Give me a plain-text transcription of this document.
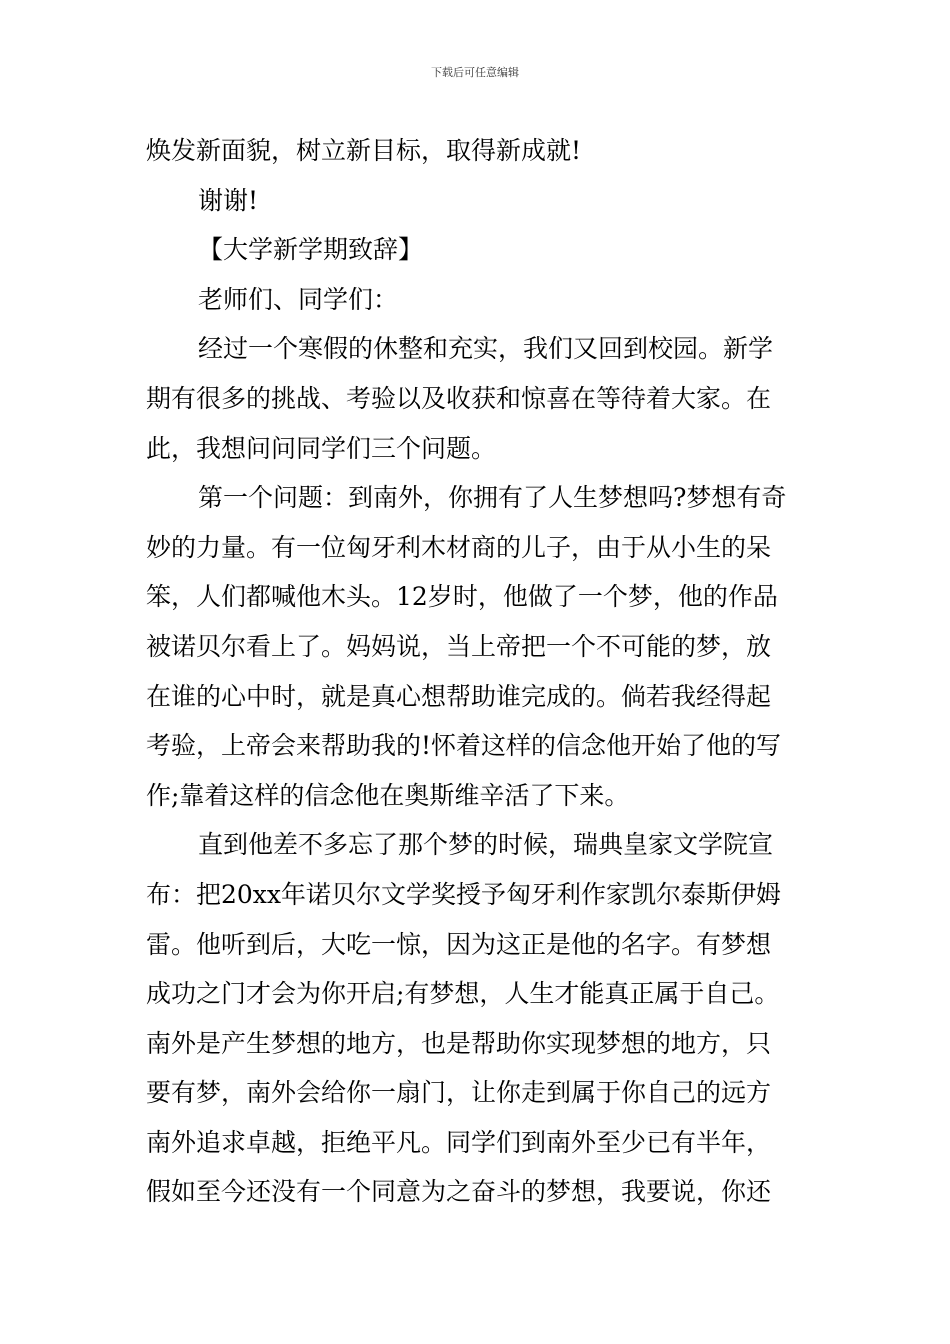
下载后可任意编辑
焕发新面貌，树立新目标，取得新成就!
谢谢!
【大学新学期致辞】
老师们、同学们：
经过一个寒假的休整和充实，我们又回到校园。新学
期有很多的挑战、考验以及收获和惊喜在等待着大家。在
此，我想问问同学们三个问题。
第一个问题：到南外，你拥有了人生梦想吗?梦想有奇
妙的力量。有一位匈牙利木材商的儿子，由于从小生的呆
笨，人们都喊他木头。12岁时，他做了一个梦，他的作品
被诺贝尔看上了。妈妈说，当上帝把一个不可能的梦，放
在谁的心中时，就是真心想帮助谁完成的。倘若我经得起
考验，上帝会来帮助我的!怀着这样的信念他开始了他的写
作;靠着这样的信念他在奥斯维辛活了下来。
直到他差不多忘了那个梦的时候，瑞典皇家文学院宣
布：把20xx年诺贝尔文学奖授予匈牙利作家凯尔泰斯伊姆
雷。他听到后，大吃一惊，因为这正是他的名字。有梦想
成功之门才会为你开启;有梦想，人生才能真正属于自己。
南外是产生梦想的地方，也是帮助你实现梦想的地方，只
要有梦，南外会给你一扇门，让你走到属于你自己的远方
南外追求卓越，拒绝平凡。同学们到南外至少已有半年，
假如至今还没有一个同意为之奋斗的梦想，我要说，你还
